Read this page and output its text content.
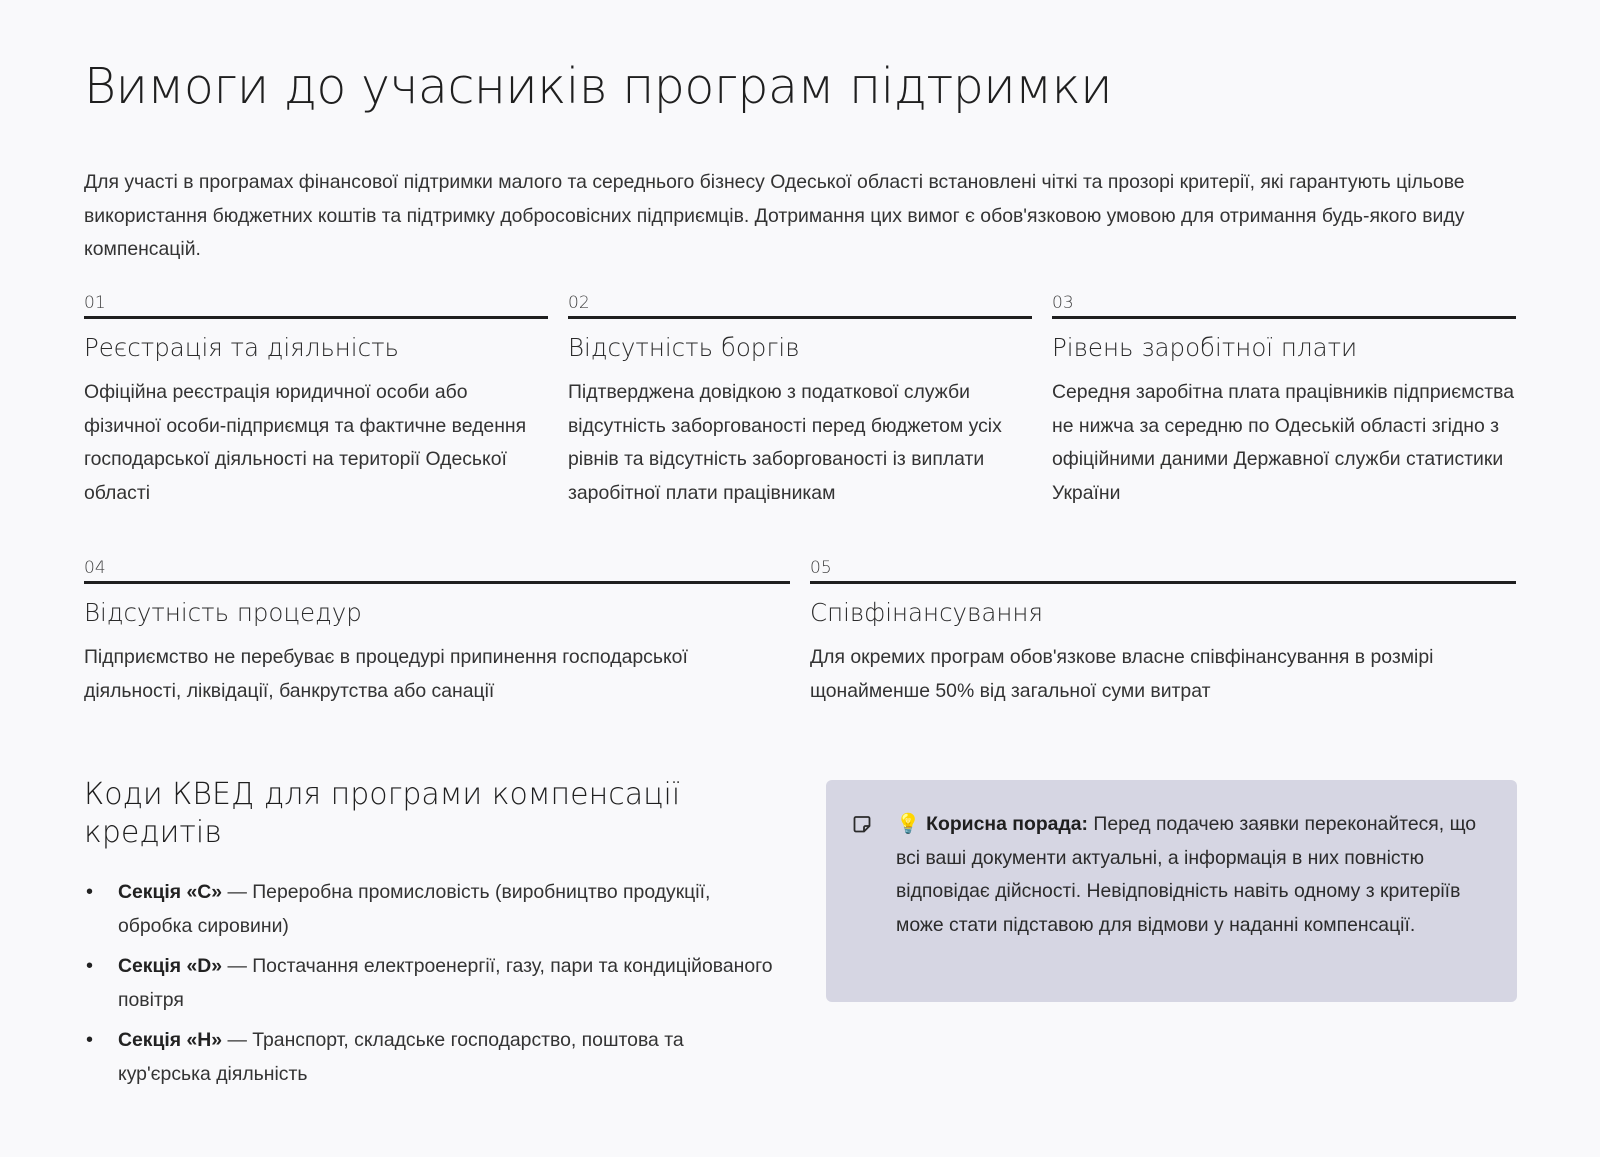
Вимоги до учасників програм підтримки

Для участі в програмах фінансової підтримки малого та середнього бізнесу Одеської області встановлені чіткі та прозорі критерії, які гарантують цільове використання бюджетних коштів та підтримку добросовісних підприємців. Дотримання цих вимог є обов'язковою умовою для отримання будь-якого виду компенсацій.

01
Реєстрація та діяльність

Офіційна реєстрація юридичної особи або фізичної особи-підприємця та фактичне ведення господарської діяльності на території Одеської області

02
Відсутність боргів

Підтверджена довідкою з податкової служби відсутність заборгованості перед бюджетом усіх рівнів та відсутність заборгованості із виплати заробітної плати працівникам

03
Рівень заробітної плати

Середня заробітна плата працівників підприємства не нижча за середню по Одеській області згідно з офіційними даними Державної служби статистики України

04
Відсутність процедур

Підприємство не перебуває в процедурі припинення господарської діяльності, ліквідації, банкрутства або санації

05
Співфінансування

Для окремих програм обов'язкове власне співфінансування в розмірі щонайменше 50% від загальної суми витрат

Коди КВЕД для програми компенсації кредитів
• Секція «C» — Переробна промисловість (виробництво продукції, обробка сировини)
• Секція «D» — Постачання електроенергії, газу, пари та кондиційованого повітря
• Секція «H» — Транспорт, складське господарство, поштова та кур'єрська діяльність

💡 Корисна порада: Перед подачею заявки переконайтеся, що всі ваші документи актуальні, а інформація в них повністю відповідає дійсності. Невідповідність навіть одному з критеріїв може стати підставою для відмови у наданні компенсації.
